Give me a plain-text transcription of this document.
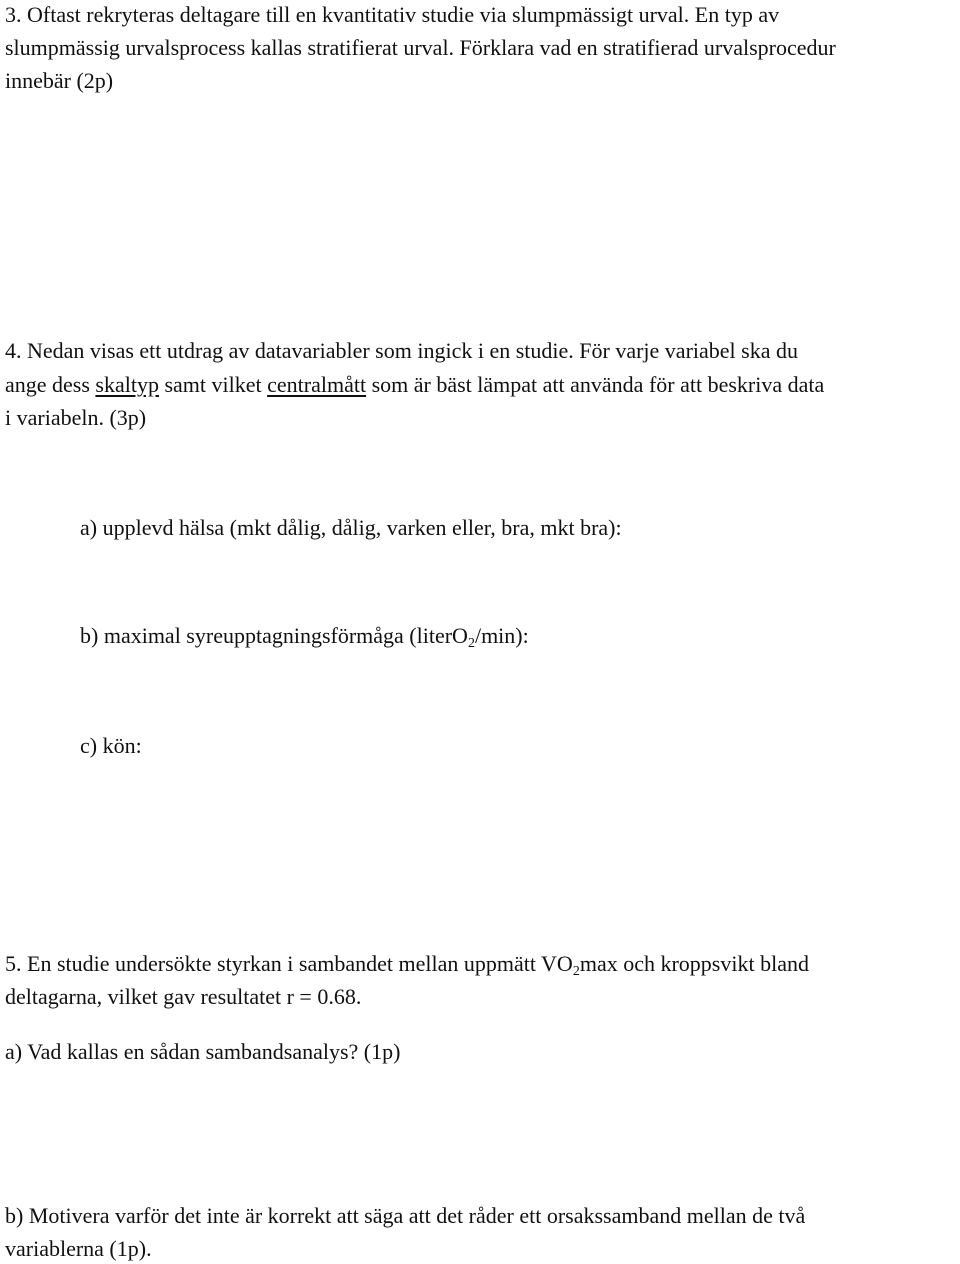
3. Oftast rekryteras deltagare till en kvantitativ studie via slumpmässigt urval. En typ av

slumpmässig urvalsprocess kallas stratifierat urval. Förklara vad en stratifierad urvalsprocedur

innebär (2p)

4. Nedan visas ett utdrag av datavariabler som ingick i en studie. För varje variabel ska du

ange dess skaltyp samt vilket centralmått som är bäst lämpat att använda för att beskriva data

i variabeln. (3p)

a) upplevd hälsa (mkt dålig, dålig, varken eller, bra, mkt bra):

b) maximal syreupptagningsförmåga (literO$_2$/min):

c) kön:

5. En studie undersökte styrkan i sambandet mellan uppmätt $VO_2\max$ och kroppsvikt bland

deltagarna, vilket gav resultatet r = 0.68.

a) Vad kallas en sådan sambandsanalys? (1p)

b) Motivera varför det inte är korrekt att säga att det råder ett orsakssamband mellan de två

variablerna (1p).
